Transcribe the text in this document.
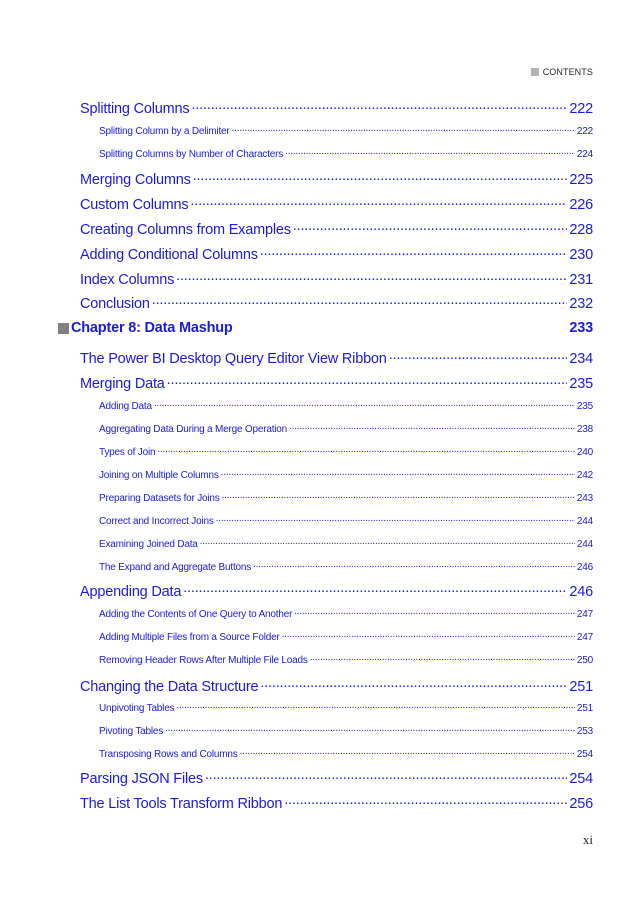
CONTENTS
Splitting Columns .....	222
Splitting Column by a Delimiter .....	222
Splitting Columns by Number of Characters .....	224
Merging Columns .....	225
Custom Columns .....	226
Creating Columns from Examples .....	228
Adding Conditional Columns .....	230
Index Columns .....	231
Conclusion .....	232
Chapter 8: Data Mashup	233
The Power BI Desktop Query Editor View Ribbon .....	234
Merging Data .....	235
Adding Data .....	235
Aggregating Data During a Merge Operation .....	238
Types of Join .....	240
Joining on Multiple Columns .....	242
Preparing Datasets for Joins .....	243
Correct and Incorrect Joins .....	244
Examining Joined Data .....	244
The Expand and Aggregate Buttons .....	246
Appending Data .....	246
Adding the Contents of One Query to Another .....	247
Adding Multiple Files from a Source Folder .....	247
Removing Header Rows After Multiple File Loads .....	250
Changing the Data Structure .....	251
Unpivoting Tables .....	251
Pivoting Tables .....	253
Transposing Rows and Columns .....	254
Parsing JSON Files .....	254
The List Tools Transform Ribbon .....	256
xi
